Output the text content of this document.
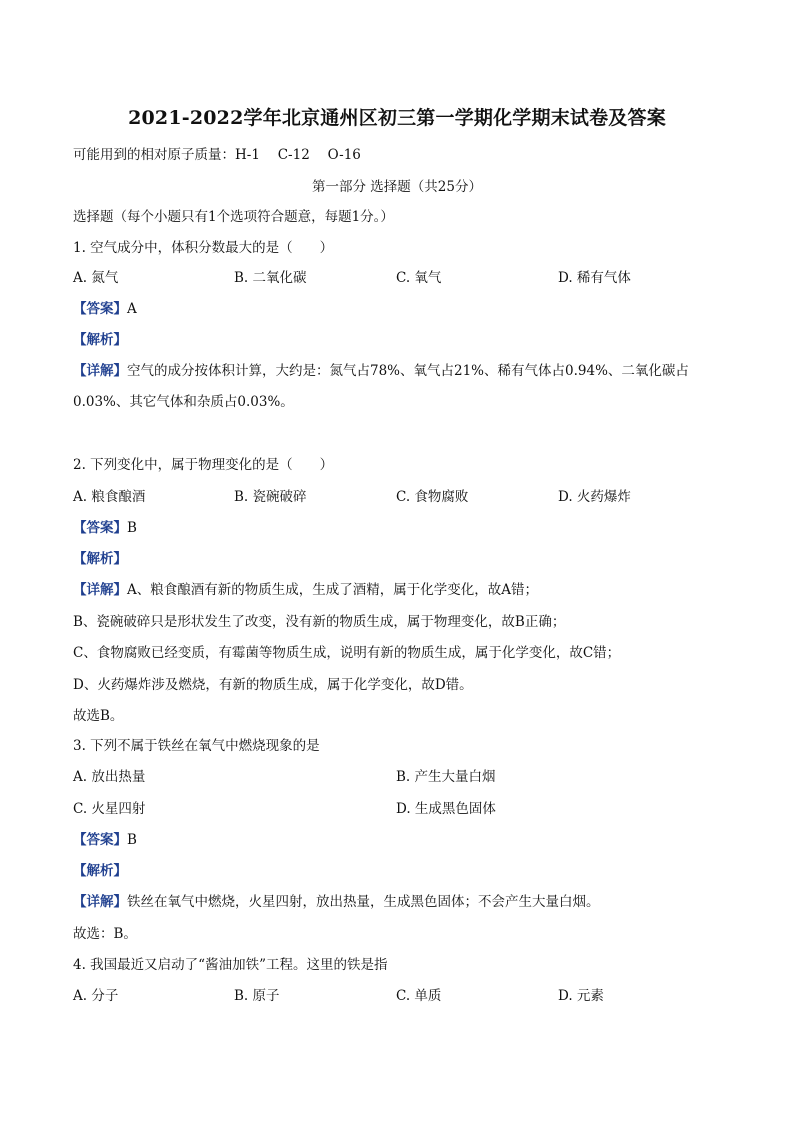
2021-2022学年北京通州区初三第一学期化学期末试卷及答案
可能用到的相对原子质量：H-1　 C-12　 O-16
第一部分 选择题（共25分）
选择题（每个小题只有1个选项符合题意，每题1分。）
1. 空气成分中，体积分数最大的是（　　）
A. 氮气	B. 二氧化碳	C. 氧气	D. 稀有气体
【答案】A
【解析】
【详解】空气的成分按体积计算，大约是：氮气占78%、氧气占21%、稀有气体占0.94%、二氧化碳占0.03%、其它气体和杂质占0.03%。
2. 下列变化中，属于物理变化的是（　　）
A. 粮食酿酒	B. 瓷碗破碎	C. 食物腐败	D. 火药爆炸
【答案】B
【解析】
【详解】A、粮食酿酒有新的物质生成，生成了酒精，属于化学变化，故A错；
B、瓷碗破碎只是形状发生了改变，没有新的物质生成，属于物理变化，故B正确；
C、食物腐败已经变质，有霉菌等物质生成，说明有新的物质生成，属于化学变化，故C错；
D、火药爆炸涉及燃烧，有新的物质生成，属于化学变化，故D错。
故选B。
3. 下列不属于铁丝在氧气中燃烧现象的是
A. 放出热量	B. 产生大量白烟
C. 火星四射	D. 生成黑色固体
【答案】B
【解析】
【详解】铁丝在氧气中燃烧，火星四射，放出热量，生成黑色固体；不会产生大量白烟。
故选：B。
4. 我国最近又启动了“酱油加铁”工程。这里的铁是指
A. 分子	B. 原子	C. 单质	D. 元素
